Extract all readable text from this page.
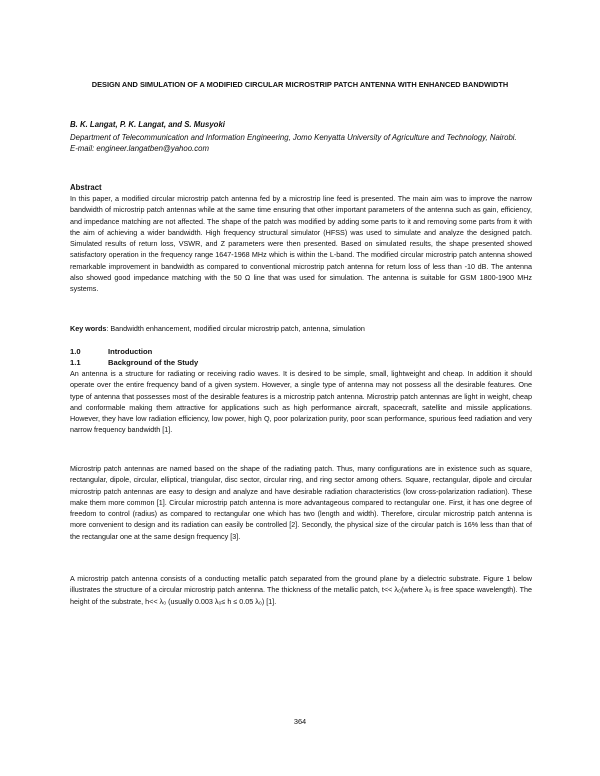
DESIGN AND SIMULATION OF A MODIFIED CIRCULAR MICROSTRIP PATCH ANTENNA WITH ENHANCED BANDWIDTH
B. K. Langat, P. K. Langat, and S. Musyoki
Department of Telecommunication and Information Engineering, Jomo Kenyatta University of Agriculture and Technology, Nairobi.
E-mail: engineer.langatben@yahoo.com
Abstract

In this paper, a modified circular microstrip patch antenna fed by a microstrip line feed is presented. The main aim was to improve the narrow bandwidth of microstrip patch antennas while at the same time ensuring that other important parameters of the antenna such as gain, efficiency, and impedance matching are not affected. The shape of the patch was modified by adding some parts to it and removing some parts from it with the aim of achieving a wider bandwidth. High frequency structural simulator (HFSS) was used to simulate and analyze the designed patch. Simulated results of return loss, VSWR, and Z parameters were then presented. Based on simulated results, the shape presented showed satisfactory operation in the frequency range 1647-1968 MHz which is within the L-band. The modified circular microstrip patch antenna showed remarkable improvement in bandwidth as compared to conventional microstrip patch antenna for return loss of less than -10 dB. The antenna also showed good impedance matching with the 50 Ω line that was used for simulation. The antenna is suitable for GSM 1800-1900 MHz systems.

Key words: Bandwidth enhancement, modified circular microstrip patch, antenna, simulation
1.0	Introduction
1.1	Background of the Study

An antenna is a structure for radiating or receiving radio waves. It is desired to be simple, small, lightweight and cheap. In addition it should operate over the entire frequency band of a given system. However, a single type of antenna may not possess all the desirable features. One type of antenna that possesses most of the desirable features is a microstrip patch antenna. Microstrip patch antennas are light in weight, cheap and conformable making them attractive for applications such as high performance aircraft, spacecraft, satellite and missile applications. However, they have low radiation efficiency, low power, high Q, poor polarization purity, poor scan performance, spurious feed radiation and very narrow frequency bandwidth [1].

Microstrip patch antennas are named based on the shape of the radiating patch. Thus, many configurations are in existence such as square, rectangular, dipole, circular, elliptical, triangular, disc sector, circular ring, and ring sector among others. Square, rectangular, dipole and circular microstrip patch antennas are easy to design and analyze and have desirable radiation characteristics (low cross-polarization radiation). These make them more common [1]. Circular microstrip patch antenna is more advantageous compared to rectangular one. First, it has one degree of freedom to control (radius) as compared to rectangular one which has two (length and width). Therefore, circular microstrip patch antenna is more convenient to design and its radiation can easily be controlled [2]. Secondly, the physical size of the circular patch is 16% less than that of the rectangular one at the same design frequency [3].

A microstrip patch antenna consists of a conducting metallic patch separated from the ground plane by a dielectric substrate. Figure 1 below illustrates the structure of a circular microstrip patch antenna. The thickness of the metallic patch, t<< λ₀(where λ₀ is free space wavelength). The height of the substrate, h<< λ₀ (usually 0.003 λ₀≤ h ≤ 0.05 λ₀) [1].

364
